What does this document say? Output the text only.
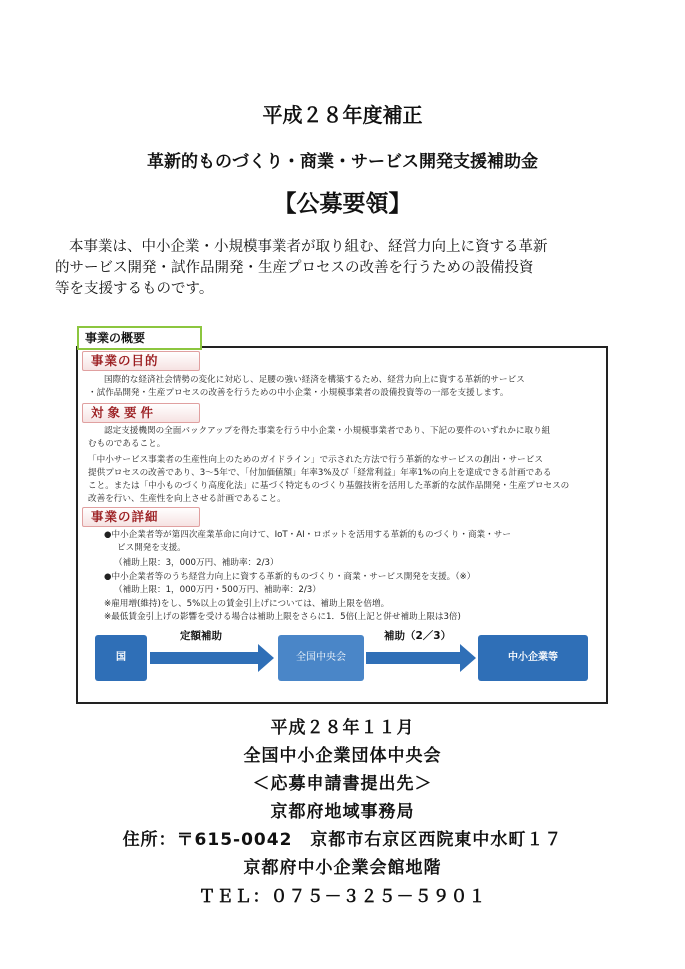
平成２８年度補正
革新的ものづくり・商業・サービス開発支援補助金
【公募要領】
本事業は、中小企業・小規模事業者が取り組む、経営力向上に資する革新
的サービス開発・試作品開発・生産プロセスの改善を行うための設備投資
等を支援するものです。
事業の概要
事業の目的
国際的な経済社会情勢の変化に対応し、足腰の強い経済を構築するため、経営力向上に資する革新的サービス
・試作品開発・生産プロセスの改善を行うための中小企業・小規模事業者の設備投資等の一部を支援します。
対象要件
認定支援機関の全面バックアップを得た事業を行う中小企業・小規模事業者であり、下記の要件のいずれかに取り組
むものであること。
「中小サービス事業者の生産性向上のためのガイドライン」で示された方法で行う革新的なサービスの創出・サービス
提供プロセスの改善であり、3～5年で、「付加価値額」年率3%及び「経常利益」年率1%の向上を達成できる計画である
こと。または「中小ものづくり高度化法」に基づく特定ものづくり基盤技術を活用した革新的な試作品開発・生産プロセスの
改善を行い、生産性を向上させる計画であること。
事業の詳細
●中小企業者等が第四次産業革命に向けて、IoT・AI・ロボットを活用する革新的ものづくり・商業・サー
ビス開発を支援。
（補助上限：3，000万円、補助率：2/3）
●中小企業者等のうち経営力向上に資する革新的ものづくり・商業・サービス開発を支援。（※）
（補助上限：1，000万円・500万円、補助率：2/3）
※雇用増(維持)をし、5%以上の賃金引上げについては、補助上限を倍増。
※最低賃金引上げの影響を受ける場合は補助上限をさらに1．5倍(上記と併せ補助上限は3倍)
国
定額補助
全国中央会
補助（2／3）
中小企業等
平成２８年１１月
全国中小企業団体中央会
＜応募申請書提出先＞
京都府地域事務局
住所：〒615-0042　京都市右京区西院東中水町１７
京都府中小企業会館地階
ＴＥＬ：０７５－３２５－５９０１
